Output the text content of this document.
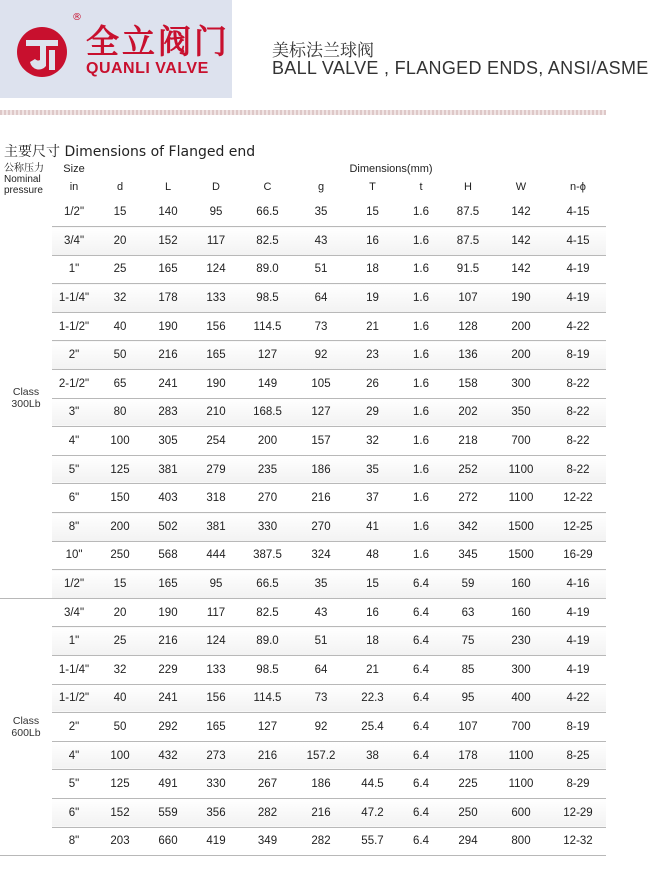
®
全立阀门
QUANLI VALVE
美标法兰球阀
BALL VALVE , FLANGED ENDS, ANSI/ASME
主要尺寸 Dimensions of Flanged end
公称压力
Nominal
pressure	Size	Dimensions(mm)									
	in	d	L	D	C	g	T	t	H	W	n-ϕ

Class
300Lb	1/2"	15	140	95	66.5	35	15	1.6	87.5	142	4-15
	3/4"	20	152	117	82.5	43	16	1.6	87.5	142	4-15
	1"	25	165	124	89.0	51	18	1.6	91.5	142	4-19
	1-1/4"	32	178	133	98.5	64	19	1.6	107	190	4-19
	1-1/2"	40	190	156	114.5	73	21	1.6	128	200	4-22
	2"	50	216	165	127	92	23	1.6	136	200	8-19
	2-1/2"	65	241	190	149	105	26	1.6	158	300	8-22
	3"	80	283	210	168.5	127	29	1.6	202	350	8-22
	4"	100	305	254	200	157	32	1.6	218	700	8-22
	5"	125	381	279	235	186	35	1.6	252	1100	8-22
	6"	150	403	318	270	216	37	1.6	272	1100	12-22
	8"	200	502	381	330	270	41	1.6	342	1500	12-25
	10"	250	568	444	387.5	324	48	1.6	345	1500	16-29
	1/2"	15	165	95	66.5	35	15	6.4	59	160	4-16

Class
600Lb	3/4"	20	190	117	82.5	43	16	6.4	63	160	4-19
	1"	25	216	124	89.0	51	18	6.4	75	230	4-19
	1-1/4"	32	229	133	98.5	64	21	6.4	85	300	4-19
	1-1/2"	40	241	156	114.5	73	22.3	6.4	95	400	4-22
	2"	50	292	165	127	92	25.4	6.4	107	700	8-19
	4"	100	432	273	216	157.2	38	6.4	178	1100	8-25
	5"	125	491	330	267	186	44.5	6.4	225	1100	8-29
	6"	152	559	356	282	216	47.2	6.4	250	600	12-29
	8"	203	660	419	349	282	55.7	6.4	294	800	12-32
